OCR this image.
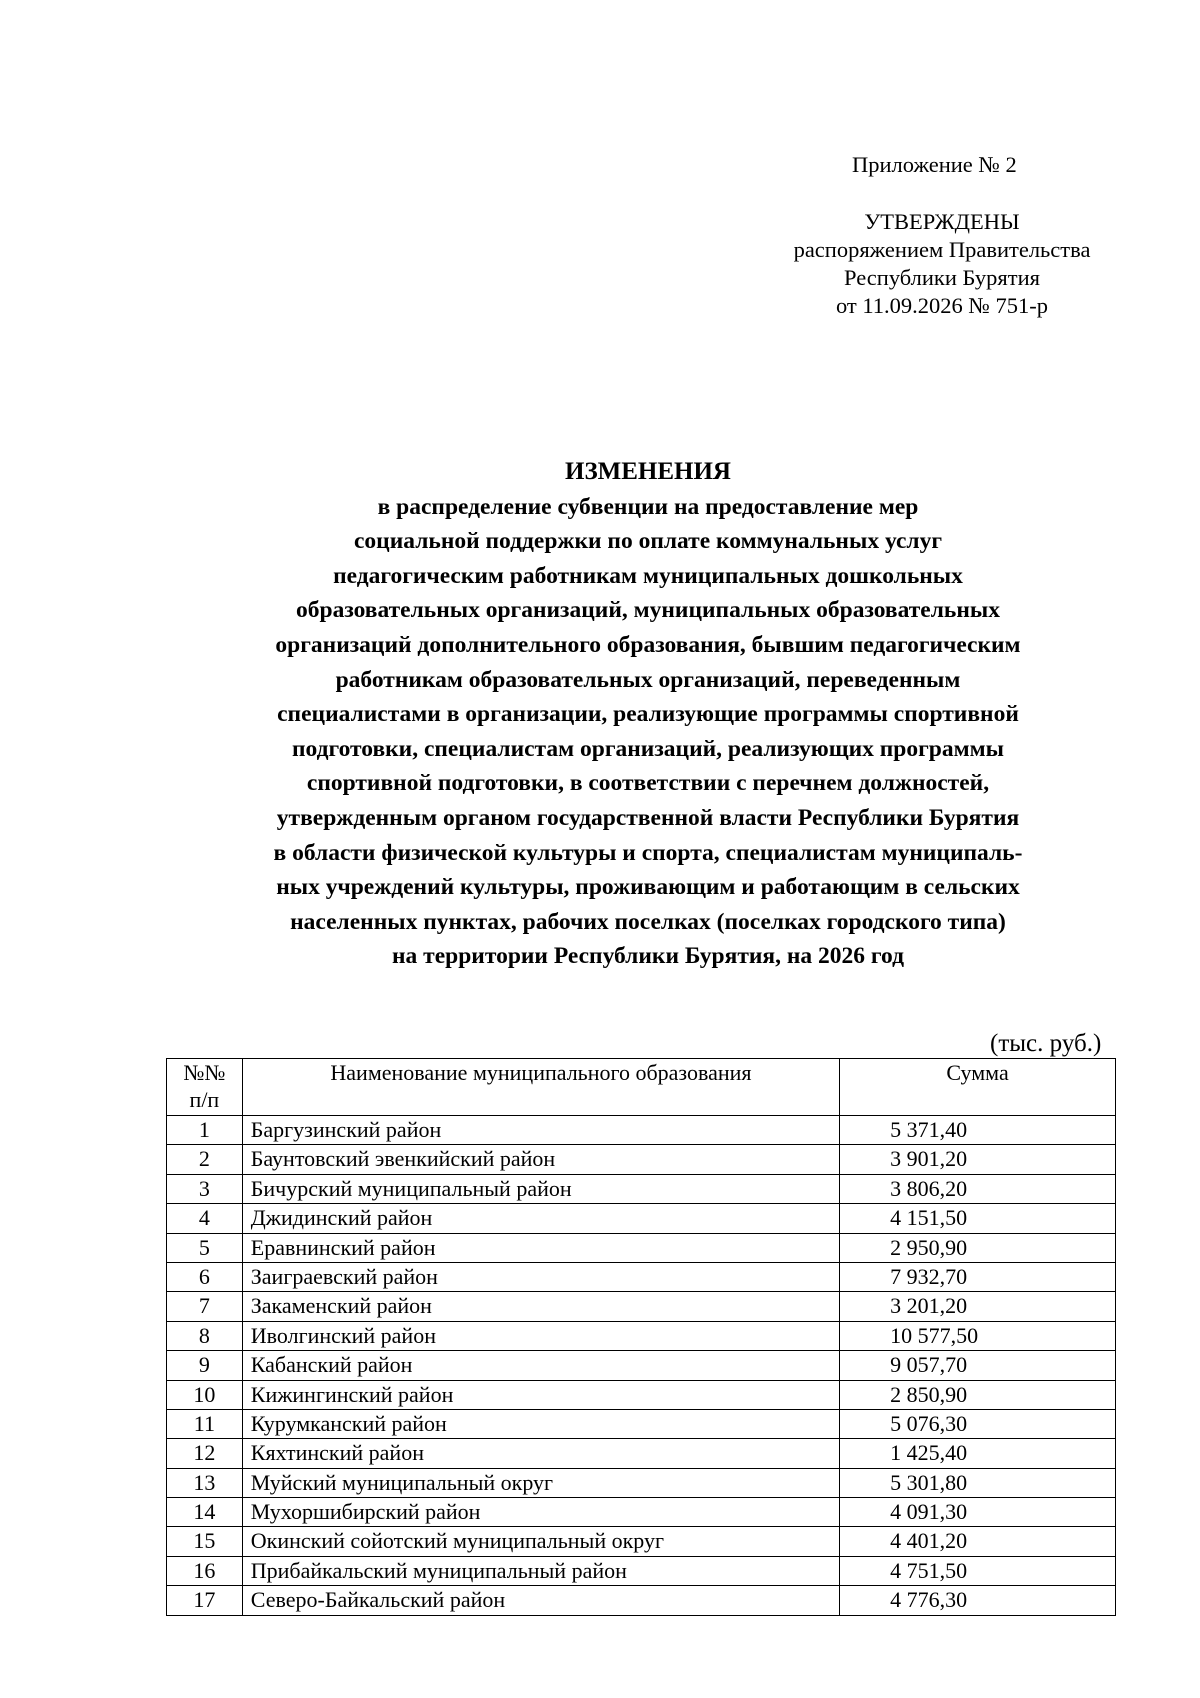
Приложение № 2
УТВЕРЖДЕНЫ
распоряжением Правительства
Республики Бурятия
от 11.09.2026 № 751-р
ИЗМЕНЕНИЯ
в распределение субвенции на предоставление мер
социальной поддержки по оплате коммунальных услуг
педагогическим работникам муниципальных дошкольных
образовательных организаций, муниципальных образовательных
организаций дополнительного образования, бывшим педагогическим
работникам образовательных организаций, переведенным
специалистами в организации, реализующие программы спортивной
подготовки, специалистам организаций, реализующих программы
спортивной подготовки, в соответствии с перечнем должностей,
утвержденным органом государственной власти Республики Бурятия
в области физической культуры и спорта, специалистам муниципаль-
ных учреждений культуры, проживающим и работающим в сельских
населенных пунктах, рабочих поселках (поселках городского типа)
на территории Республики Бурятия, на 2026 год
(тыс. руб.)
№№
п/п	Наименование муниципального образования	Сумма
1	Баргузинский район	5 371,40
2	Баунтовский эвенкийский район	3 901,20
3	Бичурский муниципальный район	3 806,20
4	Джидинский район	4 151,50
5	Еравнинский район	2 950,90
6	Заиграевский район	7 932,70
7	Закаменский район	3 201,20
8	Иволгинский район	10 577,50
9	Кабанский район	9 057,70
10	Кижингинский район	2 850,90
11	Курумканский район	5 076,30
12	Кяхтинский район	1 425,40
13	Муйский муниципальный округ	5 301,80
14	Мухоршибирский район	4 091,30
15	Окинский сойотский муниципальный округ	4 401,20
16	Прибайкальский муниципальный район	4 751,50
17	Северо-Байкальский район	4 776,30
